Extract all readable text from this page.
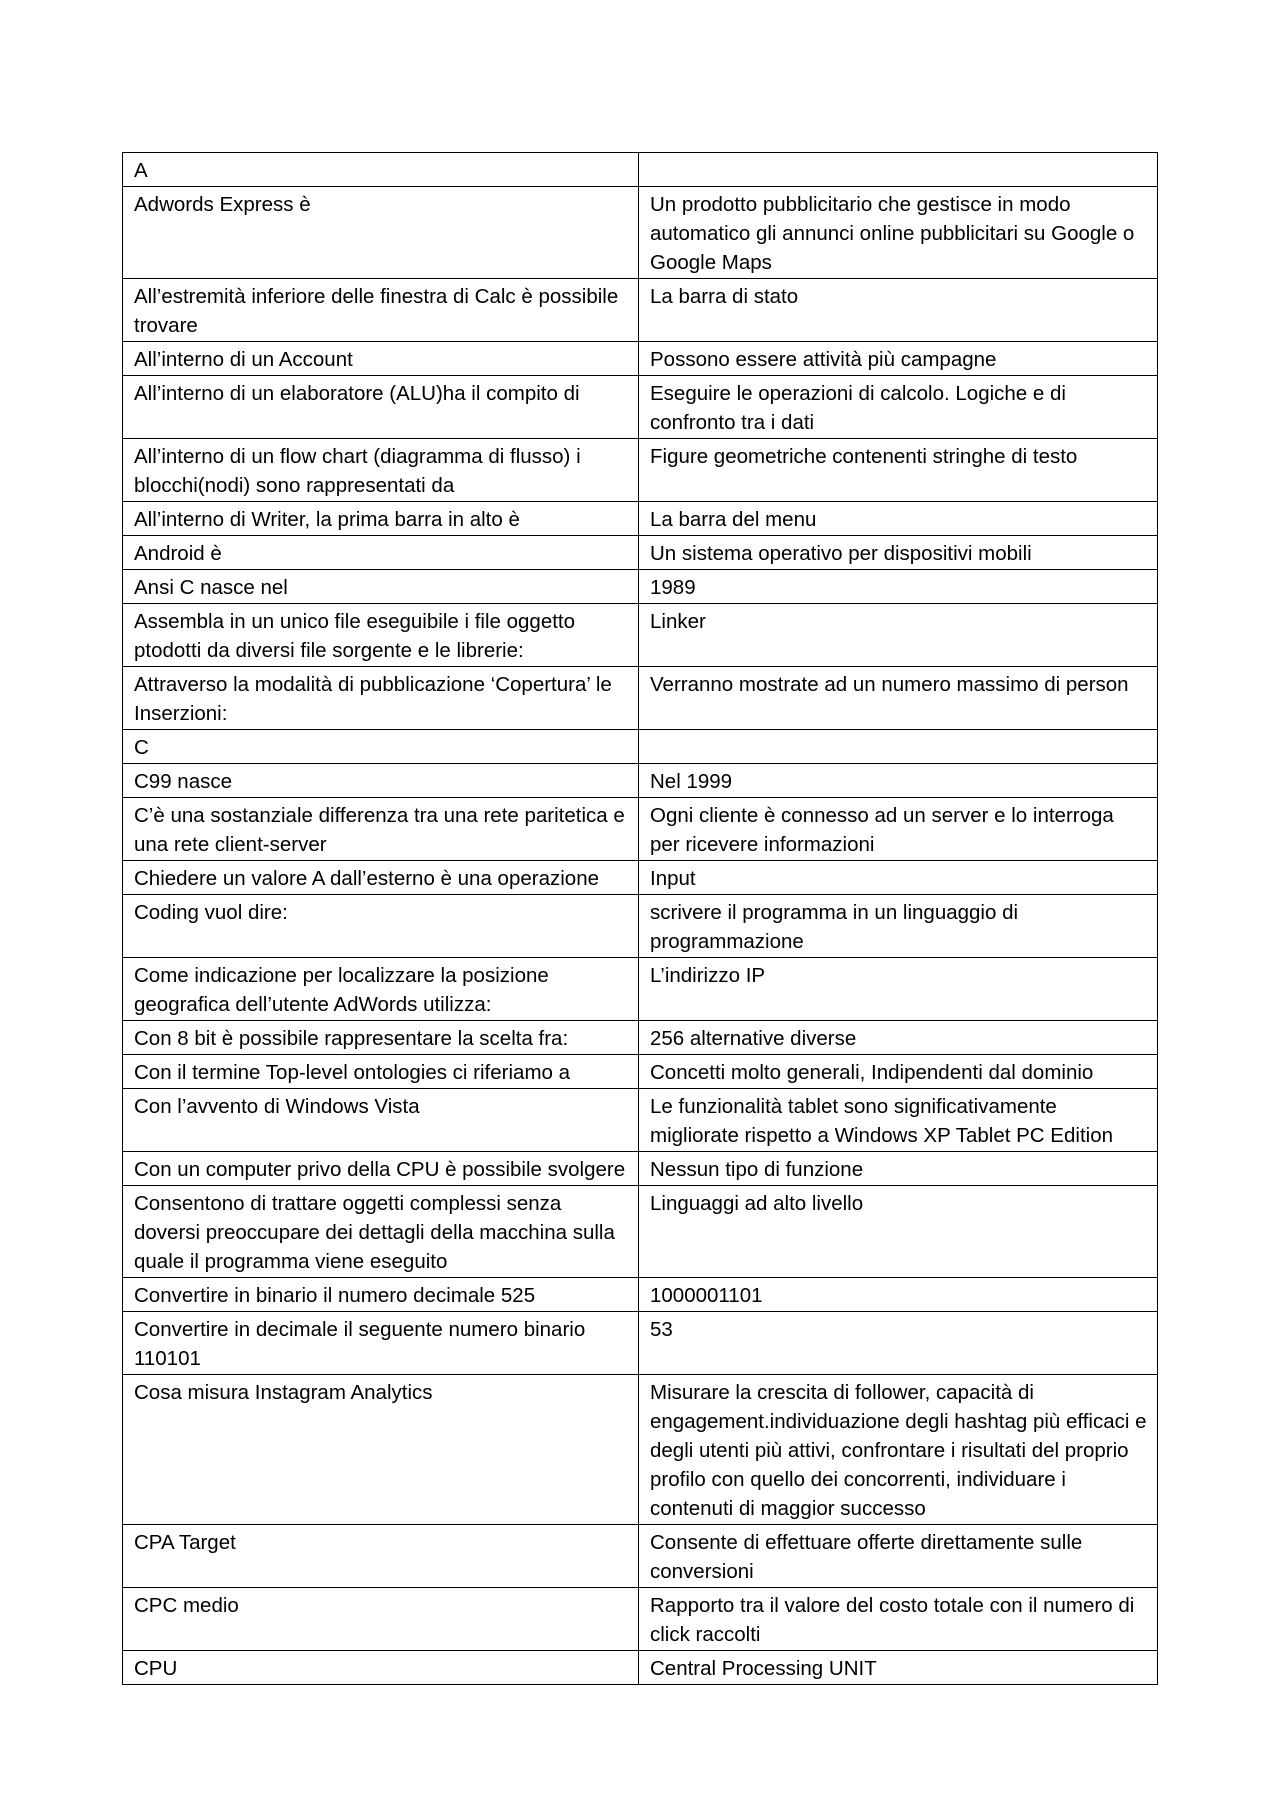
A	
Adwords Express è	Un prodotto pubblicitario che gestisce in modo automatico gli annunci online pubblicitari su Google o Google Maps
All’estremità inferiore delle finestra di Calc è possibile trovare	La barra di stato
All’interno di un Account	Possono essere attività più campagne
All’interno di un elaboratore (ALU)ha il compito di	Eseguire le operazioni di calcolo. Logiche e di confronto tra i dati
All’interno di un flow chart (diagramma di flusso) i blocchi(nodi) sono rappresentati da	Figure geometriche contenenti stringhe di testo
All’interno di Writer, la prima barra in alto è	La barra del menu
Android è	Un sistema operativo per dispositivi mobili
Ansi C nasce nel	1989
Assembla in un unico file eseguibile i file oggetto ptodotti da diversi file sorgente e le librerie:	Linker
Attraverso la modalità di pubblicazione ‘Copertura’ le Inserzioni:	Verranno mostrate ad un numero massimo di person
C	
C99 nasce	Nel 1999
C’è una sostanziale differenza tra una rete paritetica e una rete client-server	Ogni cliente è connesso ad un server e lo interroga per ricevere informazioni
Chiedere un valore A dall’esterno è una operazione	Input
Coding vuol dire:	scrivere il programma in un linguaggio di programmazione
Come indicazione per localizzare la posizione geografica dell’utente AdWords utilizza:	L’indirizzo IP
Con 8 bit è possibile rappresentare la scelta fra:	256 alternative diverse
Con il termine Top-level ontologies ci riferiamo a	Concetti molto generali, Indipendenti dal dominio
Con l’avvento di Windows Vista	Le funzionalità tablet sono significativamente migliorate rispetto a Windows XP Tablet PC Edition
Con un computer privo della CPU è possibile svolgere	Nessun tipo di funzione
Consentono di trattare oggetti complessi senza doversi preoccupare dei dettagli della macchina sulla quale il programma viene eseguito	Linguaggi ad alto livello
Convertire in binario il numero decimale 525	1000001101
Convertire in decimale il seguente numero binario 110101	53
Cosa misura Instagram Analytics	Misurare la crescita di follower, capacità di engagement.individuazione degli hashtag più efficaci e degli utenti più attivi, confrontare i risultati del proprio profilo con quello dei concorrenti, individuare i contenuti di maggior successo
CPA Target	Consente di effettuare offerte direttamente sulle conversioni
CPC medio	Rapporto tra il valore del costo totale con il numero di click raccolti
CPU	Central Processing UNIT
